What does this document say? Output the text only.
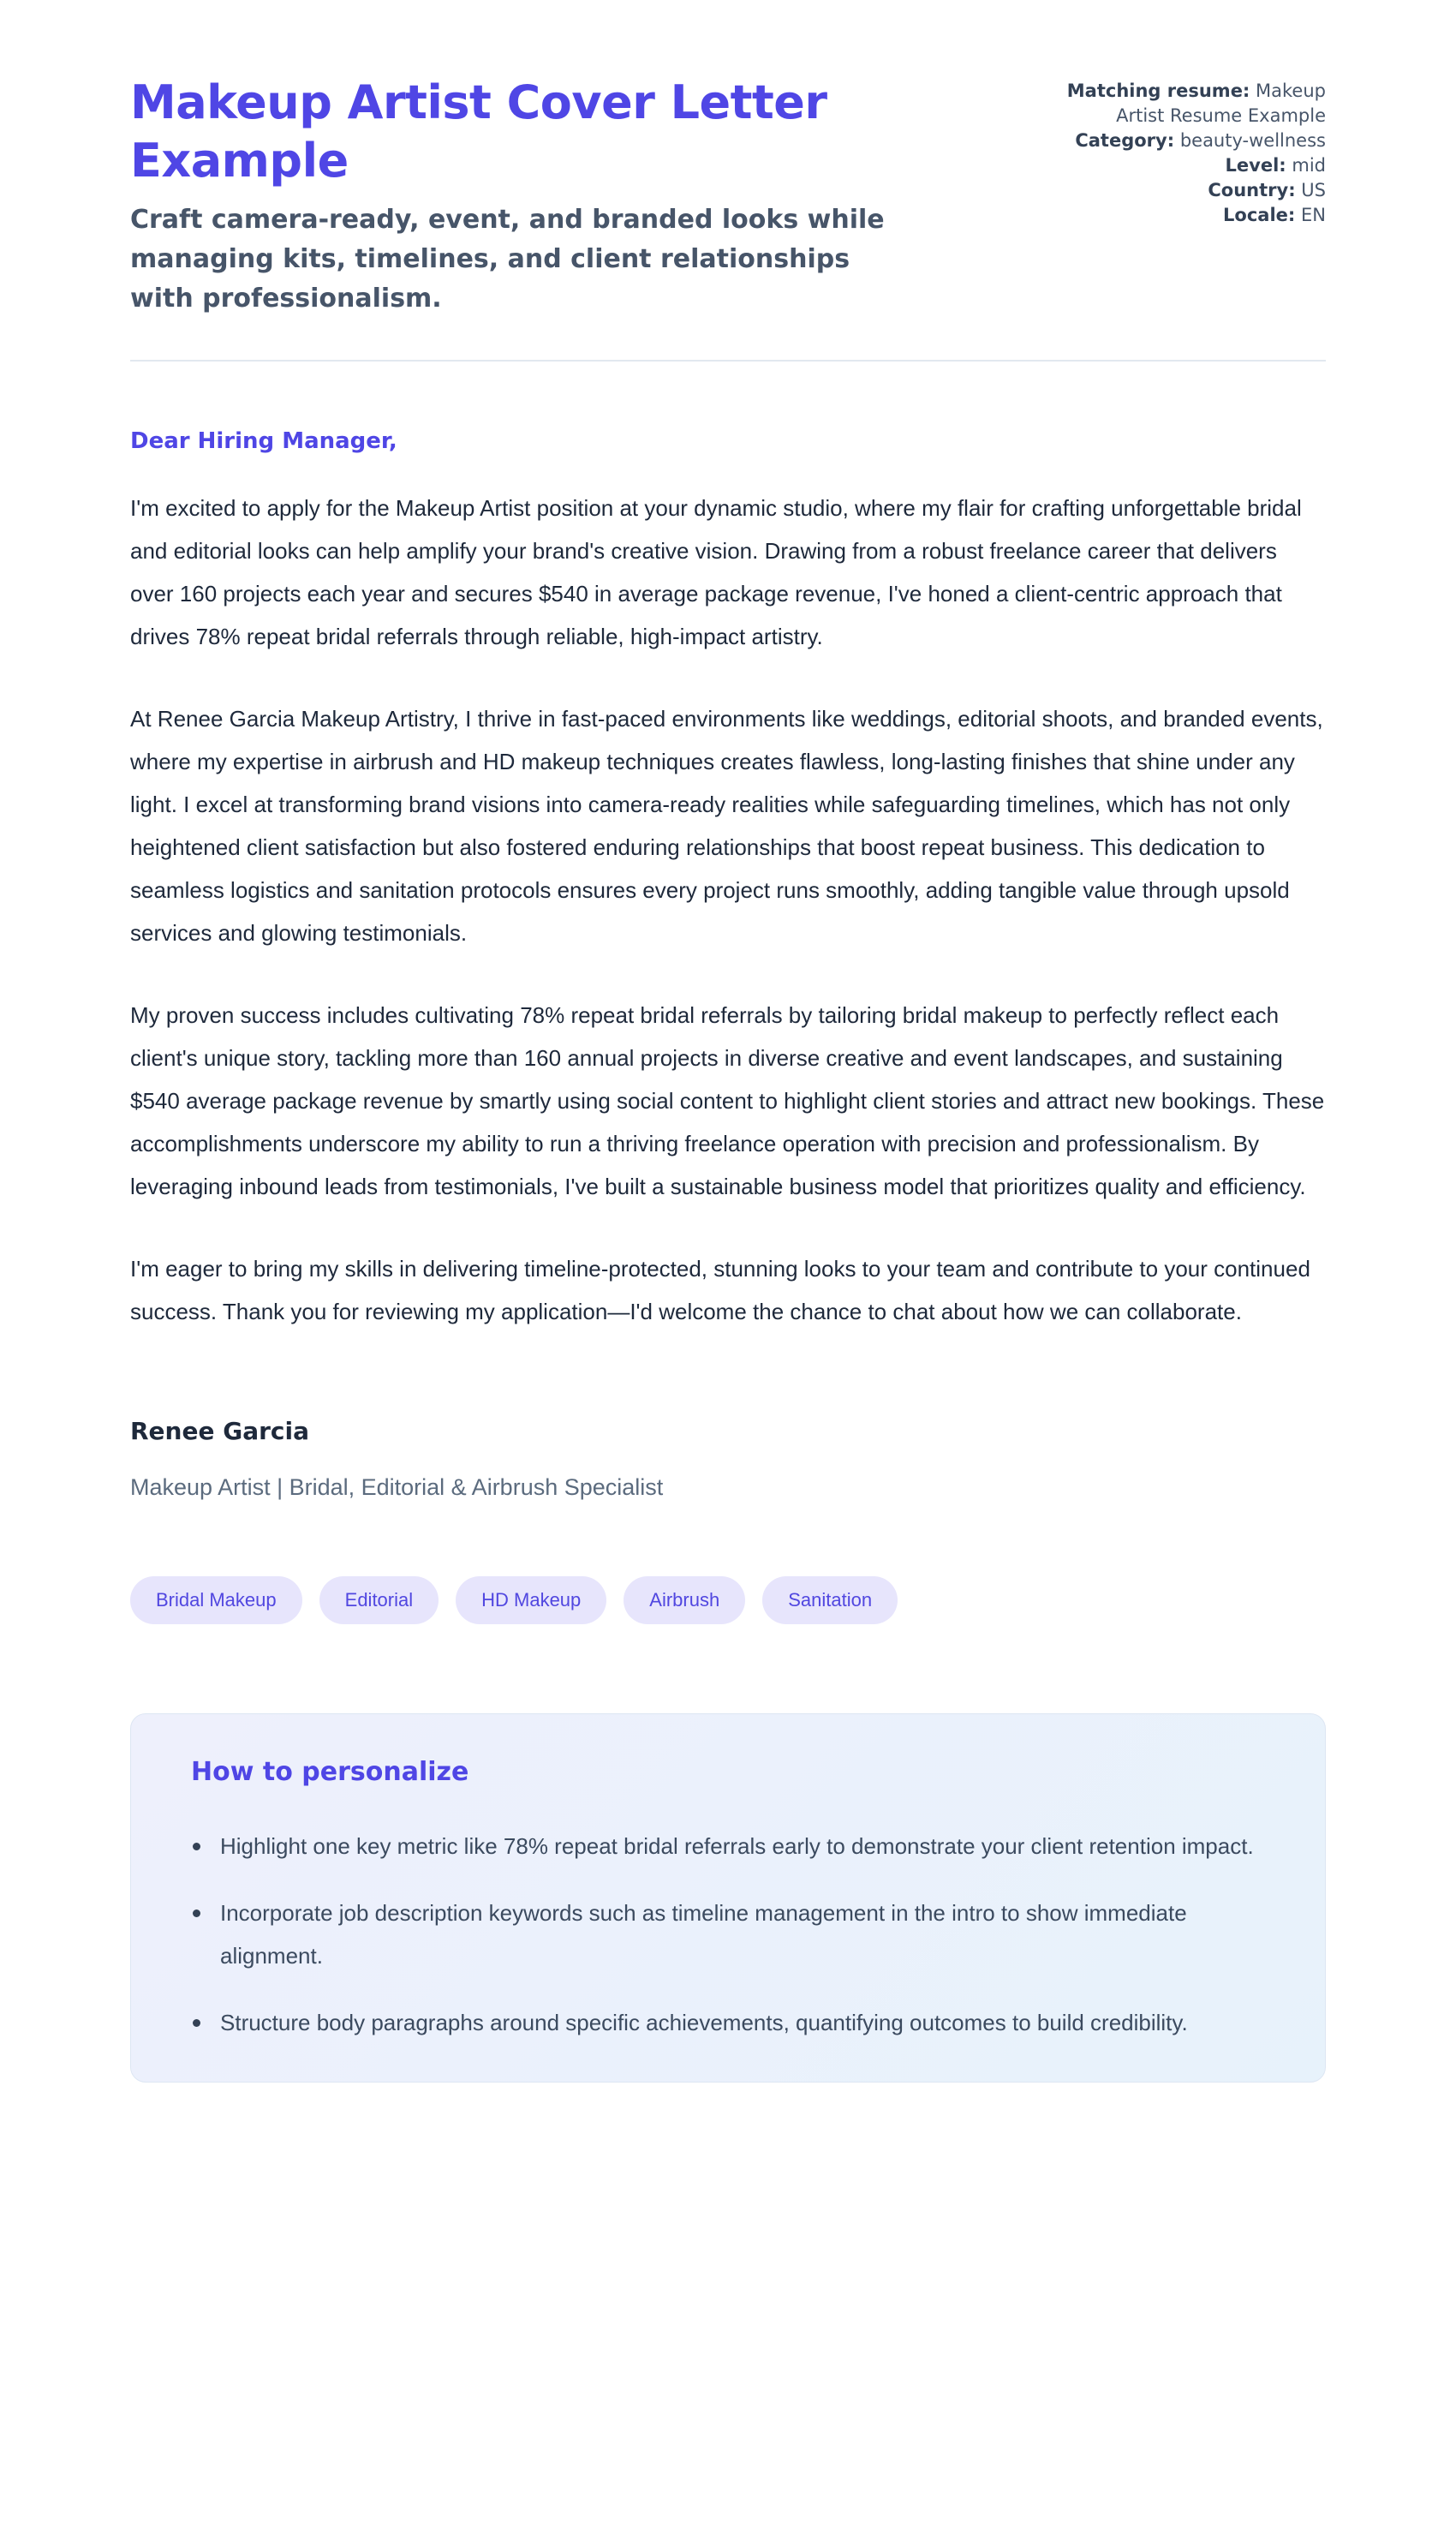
Makeup Artist Cover Letter Example
Craft camera-ready, event, and branded looks while managing kits, timelines, and client relationships with professionalism.
Matching resume: Makeup Artist Resume Example Category: beauty-wellness
Level: mid
Country: US
Locale: EN

Dear Hiring Manager,

I'm excited to apply for the Makeup Artist position at your dynamic studio, where my flair for crafting unforgettable bridal and editorial looks can help amplify your brand's creative vision. Drawing from a robust freelance career that delivers over 160 projects each year and secures $540 in average package revenue, I've honed a client-centric approach that drives 78% repeat bridal referrals through reliable, high-impact artistry.

At Renee Garcia Makeup Artistry, I thrive in fast-paced environments like weddings, editorial shoots, and branded events, where my expertise in airbrush and HD makeup techniques creates flawless, long-lasting finishes that shine under any light. I excel at transforming brand visions into camera-ready realities while safeguarding timelines, which has not only heightened client satisfaction but also fostered enduring relationships that boost repeat business. This dedication to seamless logistics and sanitation protocols ensures every project runs smoothly, adding tangible value through upsold services and glowing testimonials.

My proven success includes cultivating 78% repeat bridal referrals by tailoring bridal makeup to perfectly reflect each client's unique story, tackling more than 160 annual projects in diverse creative and event landscapes, and sustaining $540 average package revenue by smartly using social content to highlight client stories and attract new bookings. These accomplishments underscore my ability to run a thriving freelance operation with precision and professionalism. By leveraging inbound leads from testimonials, I've built a sustainable business model that prioritizes quality and efficiency.

I'm eager to bring my skills in delivering timeline-protected, stunning looks to your team and contribute to your continued success. Thank you for reviewing my application—I'd welcome the chance to chat about how we can collaborate.

Renee Garcia

Makeup Artist | Bridal, Editorial & Airbrush Specialist

Bridal Makeup	Editorial	HD Makeup	Airbrush	Sanitation
How to personalize
Highlight one key metric like 78% repeat bridal referrals early to demonstrate your client retention impact.
Incorporate job description keywords such as timeline management in the intro to show immediate alignment.
Structure body paragraphs around specific achievements, quantifying outcomes to build credibility.
